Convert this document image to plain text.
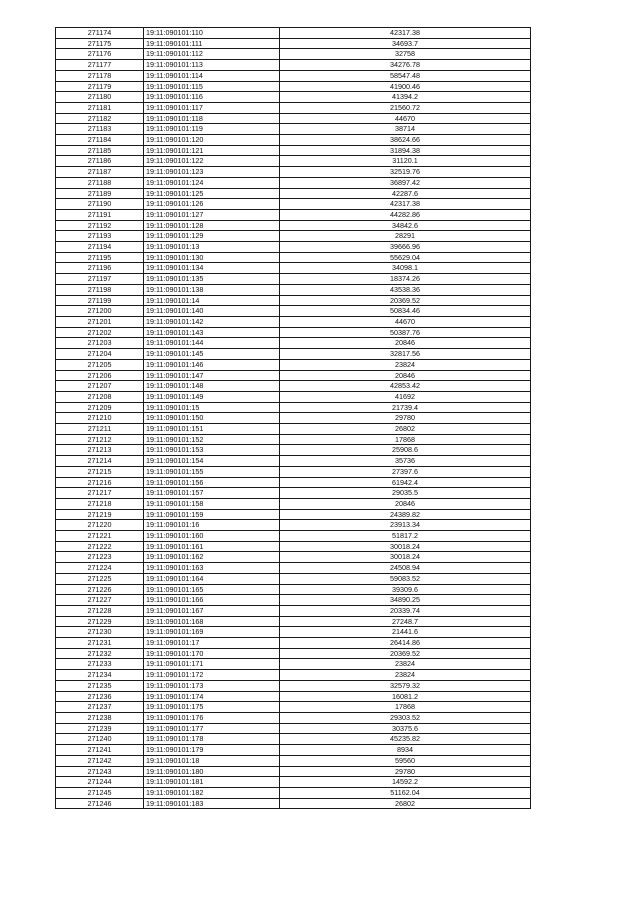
271174	19:11:090101:110	42317.38
271175	19:11:090101:111	34693.7
271176	19:11:090101:112	32758
271177	19:11:090101:113	34276.78
271178	19:11:090101:114	58547.48
271179	19:11:090101:115	41900.46
271180	19:11:090101:116	41394.2
271181	19:11:090101:117	21560.72
271182	19:11:090101:118	44670
271183	19:11:090101:119	38714
271184	19:11:090101:120	38624.66
271185	19:11:090101:121	31894.38
271186	19:11:090101:122	31120.1
271187	19:11:090101:123	32519.76
271188	19:11:090101:124	36897.42
271189	19:11:090101:125	42287.6
271190	19:11:090101:126	42317.38
271191	19:11:090101:127	44282.86
271192	19:11:090101:128	34842.6
271193	19:11:090101:129	28291
271194	19:11:090101:13	39666.96
271195	19:11:090101:130	55629.04
271196	19:11:090101:134	34098.1
271197	19:11:090101:135	18374.26
271198	19:11:090101:138	43538.36
271199	19:11:090101:14	20369.52
271200	19:11:090101:140	50834.46
271201	19:11:090101:142	44670
271202	19:11:090101:143	50387.76
271203	19:11:090101:144	20846
271204	19:11:090101:145	32817.56
271205	19:11:090101:146	23824
271206	19:11:090101:147	20846
271207	19:11:090101:148	42853.42
271208	19:11:090101:149	41692
271209	19:11:090101:15	21739.4
271210	19:11:090101:150	29780
271211	19:11:090101:151	26802
271212	19:11:090101:152	17868
271213	19:11:090101:153	25908.6
271214	19:11:090101:154	35736
271215	19:11:090101:155	27397.6
271216	19:11:090101:156	61942.4
271217	19:11:090101:157	29035.5
271218	19:11:090101:158	20846
271219	19:11:090101:159	24389.82
271220	19:11:090101:16	23913.34
271221	19:11:090101:160	51817.2
271222	19:11:090101:161	30018.24
271223	19:11:090101:162	30018.24
271224	19:11:090101:163	24508.94
271225	19:11:090101:164	59083.52
271226	19:11:090101:165	39309.6
271227	19:11:090101:166	34890.25
271228	19:11:090101:167	20339.74
271229	19:11:090101:168	27248.7
271230	19:11:090101:169	21441.6
271231	19:11:090101:17	26414.86
271232	19:11:090101:170	20369.52
271233	19:11:090101:171	23824
271234	19:11:090101:172	23824
271235	19:11:090101:173	32579.32
271236	19:11:090101:174	16081.2
271237	19:11:090101:175	17868
271238	19:11:090101:176	29303.52
271239	19:11:090101:177	30375.6
271240	19:11:090101:178	45235.82
271241	19:11:090101:179	8934
271242	19:11:090101:18	59560
271243	19:11:090101:180	29780
271244	19:11:090101:181	14592.2
271245	19:11:090101:182	51162.04
271246	19:11:090101:183	26802
